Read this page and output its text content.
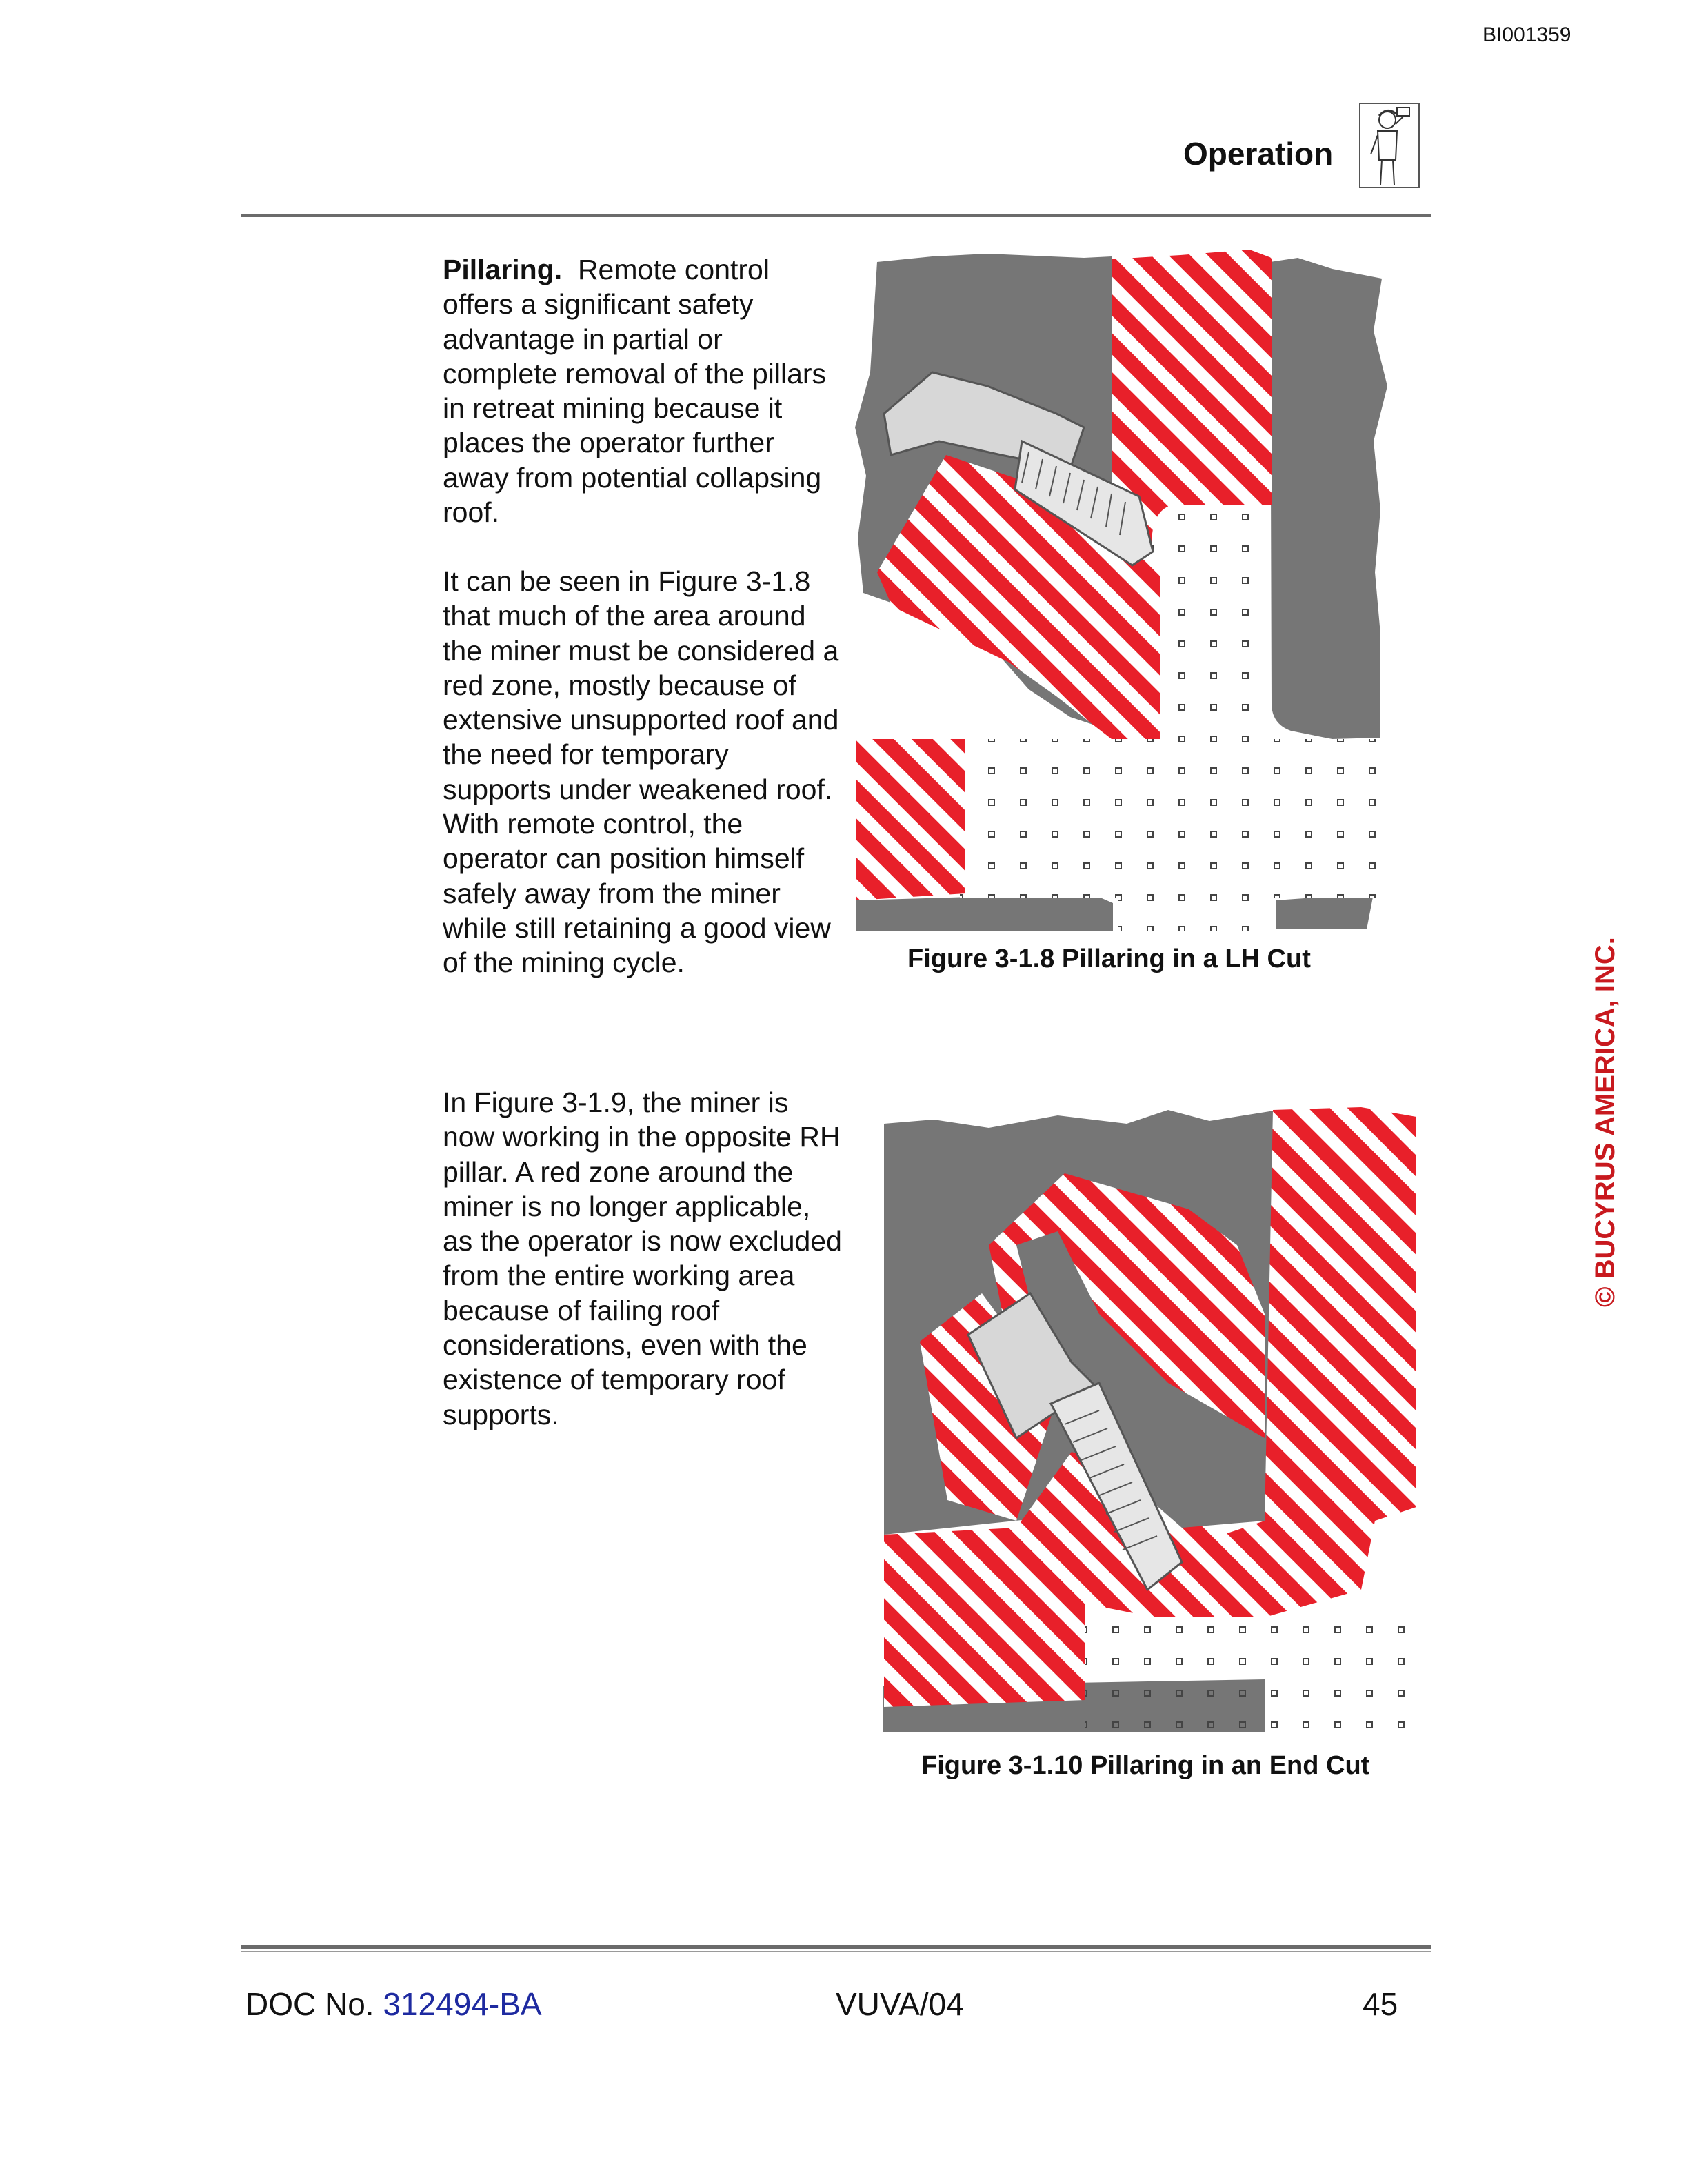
BI001359
Operation
Pillaring. Remote control offers a significant safety advantage in partial or complete removal of the pillars in retreat mining because it places the operator further away from potential collapsing roof.
It can be seen in Figure 3-1.8 that much of the area around the miner must be considered a red zone, mostly because of extensive unsupported roof and the need for temporary supports under weakened roof. With remote control, the operator can position himself safely away from the miner while still retaining a good view of the mining cycle.
In Figure 3-1.9, the miner is now working in the opposite RH pillar. A red zone around the miner is no longer applicable, as the operator is now excluded from the entire working area because of failing roof considerations, even with the existence of temporary roof supports.
Figure 3-1.8 Pillaring in a LH Cut
Figure 3-1.10 Pillaring in an End Cut
© BUCYRUS AMERICA, INC.
DOC No. 312494-BA	VUVA/04	45
